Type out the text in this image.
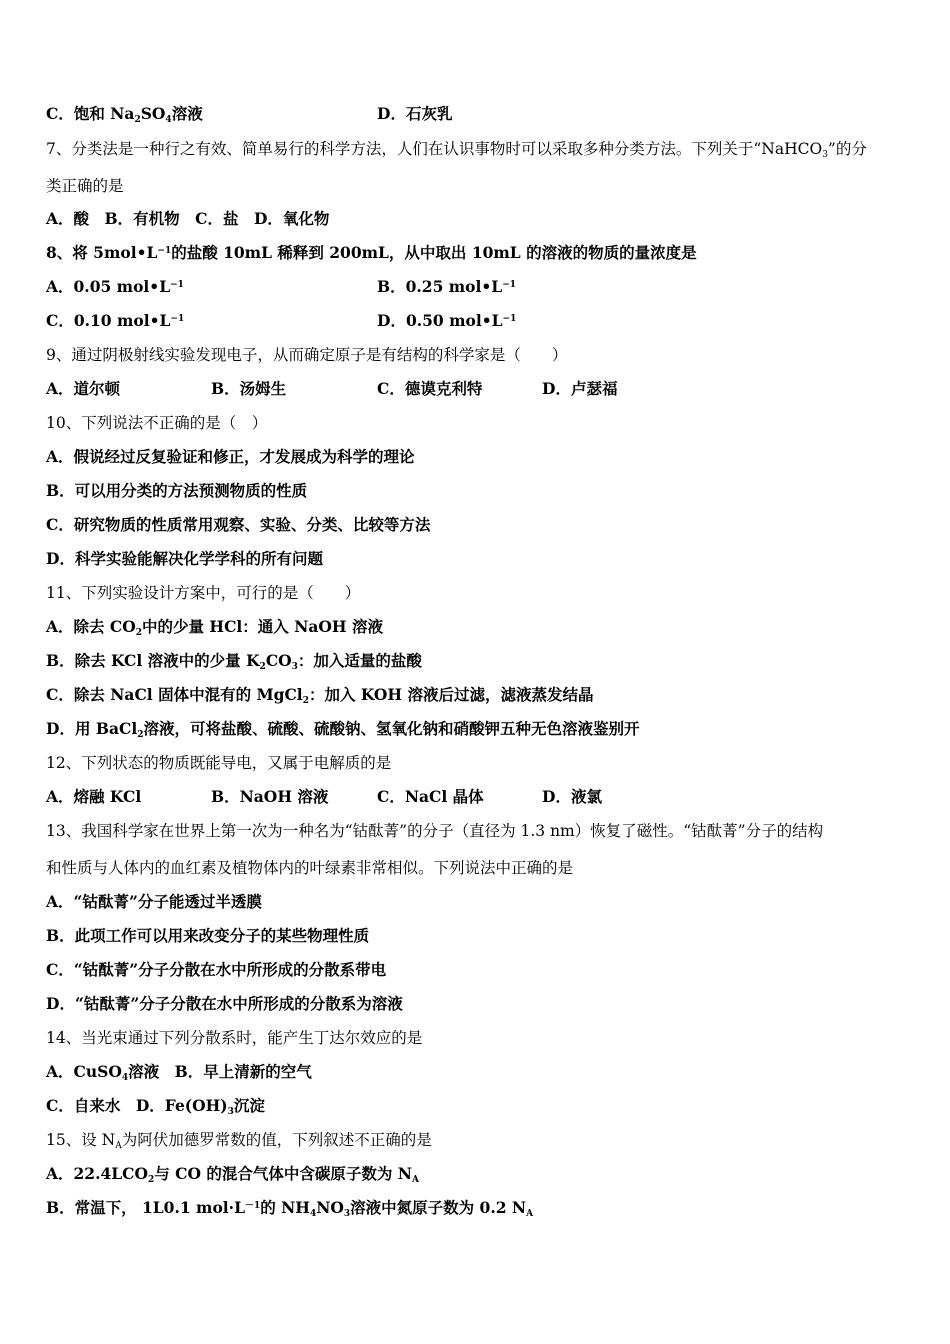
C．饱和 $Na_2SO_4$溶液	D．石灰乳
7、分类法是一种行之有效、简单易行的科学方法，人们在认识事物时可以采取多种分类方法。下列关于“NaHCO$_3$”的分
类正确的是
A．酸　B．有机物　C．盐　D．氧化物
8、将 $5mol•L^{-1}$的盐酸 10mL 稀释到 200mL，从中取出 10mL 的溶液的物质的量浓度是
A．0.05 $mol•L^{-1}$	B．0.25 $mol•L^{-1}$
C．0.10 $mol•L^{-1}$	D．0.50 $mol•L^{-1}$
9、通过阴极射线实验发现电子，从而确定原子是有结构的科学家是（　　）
A．道尔顿	B．汤姆生	C．德谟克利特	D．卢瑟福
10、下列说法不正确的是（　）
A．假说经过反复验证和修正，才发展成为科学的理论
B．可以用分类的方法预测物质的性质
C．研究物质的性质常用观察、实验、分类、比较等方法
D．科学实验能解决化学学科的所有问题
11、下列实验设计方案中，可行的是（　　）
A．除去 $CO_2$中的少量 HCl：通入 NaOH 溶液
B．除去 KCl 溶液中的少量 $K_2CO_3$：加入适量的盐酸
C．除去 NaCl 固体中混有的 MgCl$_2$：加入 KOH 溶液后过滤，滤液蒸发结晶
D．用 BaCl$_2$溶液，可将盐酸、硫酸、硫酸钠、氢氧化钠和硝酸钾五种无色溶液鉴别开
12、下列状态的物质既能导电，又属于电解质的是
A．熔融 KCl	B．NaOH 溶液	C．NaCl 晶体	D．液氯
13、我国科学家在世界上第一次为一种名为“钴酞菁”的分子（直径为 1.3 nm）恢复了磁性。“钴酞菁”分子的结构
和性质与人体内的血红素及植物体内的叶绿素非常相似。下列说法中正确的是
A．“钴酞菁”分子能透过半透膜
B．此项工作可以用来改变分子的某些物理性质
C．“钴酞菁”分子分散在水中所形成的分散系带电
D．“钴酞菁”分子分散在水中所形成的分散系为溶液
14、当光束通过下列分散系时，能产生丁达尔效应的是
A．CuSO$_4$溶液　B．早上清新的空气
C．自来水　D．$Fe(OH)_3$沉淀
15、设 $N_A$为阿伏加德罗常数的值，下列叙述不正确的是
A．$22.4LCO_2$与 CO 的混合气体中含碳原子数为 $N_A$
B．常温下， 1L0.1 $mol\cdot L^{-1}$的 $NH_4NO_3$溶液中氮原子数为 0.2 $N_A$
